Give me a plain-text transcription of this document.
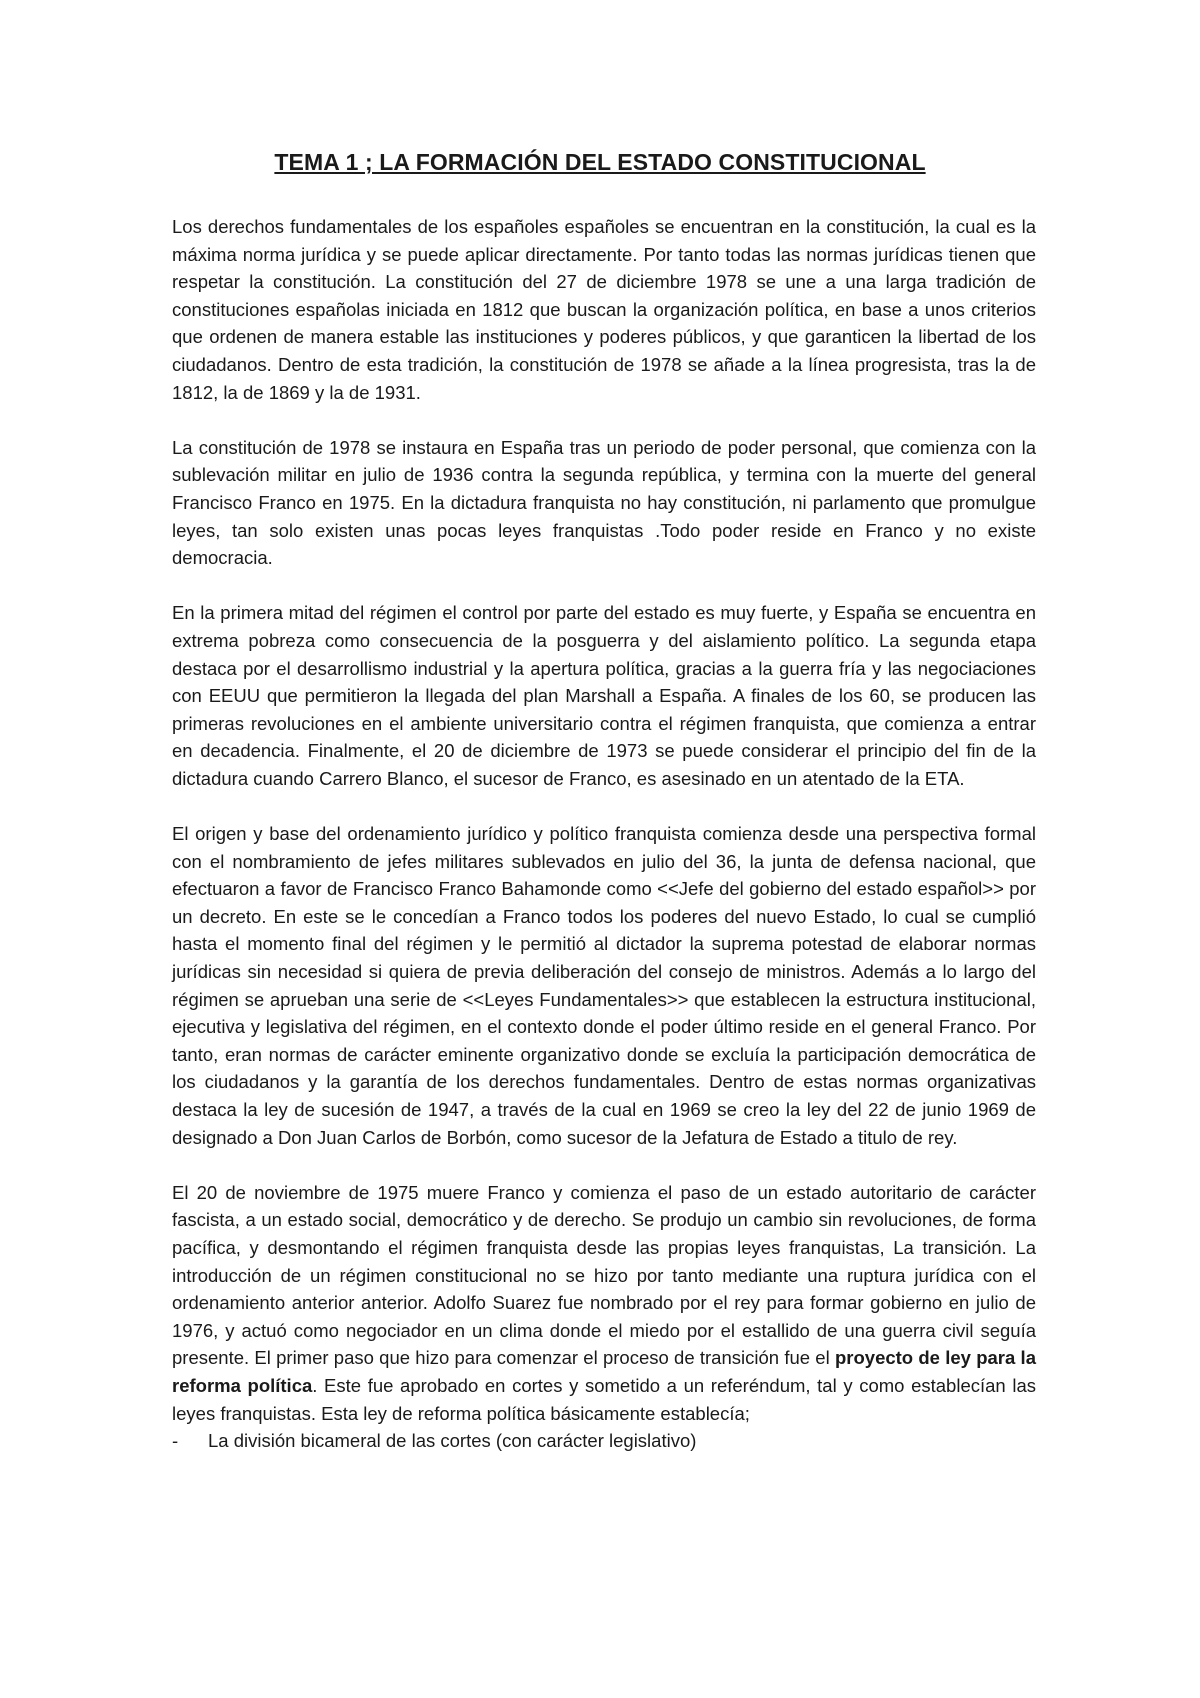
TEMA 1 ; LA FORMACIÓN DEL ESTADO CONSTITUCIONAL

Los derechos fundamentales de los españoles españoles se encuentran en la constitución, la cual es la máxima norma jurídica y se puede aplicar directamente. Por tanto todas las normas jurídicas tienen que respetar la constitución. La constitución del 27 de diciembre 1978 se une a una larga tradición de constituciones españolas iniciada en 1812 que buscan la organización política, en base a unos criterios que ordenen de manera estable las instituciones y poderes públicos, y que garanticen la libertad de los ciudadanos. Dentro de esta tradición, la constitución de 1978 se añade a la línea progresista, tras la de 1812, la de 1869 y la de 1931.

La constitución de 1978 se instaura en España tras un periodo de poder personal, que comienza con la sublevación militar en julio de 1936 contra la segunda república, y termina con la muerte del general Francisco Franco en 1975. En la dictadura franquista no hay constitución, ni parlamento que promulgue leyes, tan solo existen unas pocas leyes franquistas .Todo poder reside en Franco y no existe democracia.

En la primera mitad del régimen el control por parte del estado es muy fuerte, y España se encuentra en extrema pobreza como consecuencia de la posguerra y del aislamiento político. La segunda etapa destaca por el desarrollismo industrial y la apertura política, gracias a la guerra fría y las negociaciones con EEUU que permitieron la llegada del plan Marshall a España. A finales de los 60, se producen las primeras revoluciones en el ambiente universitario contra el régimen franquista, que comienza a entrar en decadencia. Finalmente, el 20 de diciembre de 1973 se puede considerar el principio del fin de la dictadura cuando Carrero Blanco, el sucesor de Franco, es asesinado en un atentado de la ETA.

El origen y base del ordenamiento jurídico y político franquista comienza desde una perspectiva formal con el nombramiento de jefes militares sublevados en julio del 36, la junta de defensa nacional, que efectuaron a favor de Francisco Franco Bahamonde como <<Jefe del gobierno del estado español>> por un decreto. En este se le concedían a Franco todos los poderes del nuevo Estado, lo cual se cumplió hasta el momento final del régimen y le permitió al dictador la suprema potestad de elaborar normas jurídicas sin necesidad si quiera de previa deliberación del consejo de ministros. Además a lo largo del régimen se aprueban una serie de <<Leyes Fundamentales>> que establecen la estructura institucional, ejecutiva y legislativa del régimen, en el contexto donde el poder último reside en el general Franco. Por tanto, eran normas de carácter eminente organizativo donde se excluía la participación democrática de los ciudadanos y la garantía de los derechos fundamentales. Dentro de estas normas organizativas destaca la ley de sucesión de 1947, a través de la cual en 1969 se creo la ley del 22 de junio 1969 de designado a Don Juan Carlos de Borbón, como sucesor de la Jefatura de Estado a titulo de rey.

El 20 de noviembre de 1975 muere Franco y comienza el paso de un estado autoritario de carácter fascista, a un estado social, democrático y de derecho. Se produjo un cambio sin revoluciones, de forma pacífica, y desmontando el régimen franquista desde las propias leyes franquistas, La transición. La introducción de un régimen constitucional no se hizo por tanto mediante una ruptura jurídica con el ordenamiento anterior anterior. Adolfo Suarez fue nombrado por el rey para formar gobierno en julio de 1976, y actuó como negociador en un clima donde el miedo por el estallido de una guerra civil seguía presente. El primer paso que hizo para comenzar el proceso de transición fue el proyecto de ley para la reforma política. Este fue aprobado en cortes y sometido a un referéndum, tal y como establecían las leyes franquistas. Esta ley de reforma política básicamente establecía;

-	La división bicameral de las cortes (con carácter legislativo)
